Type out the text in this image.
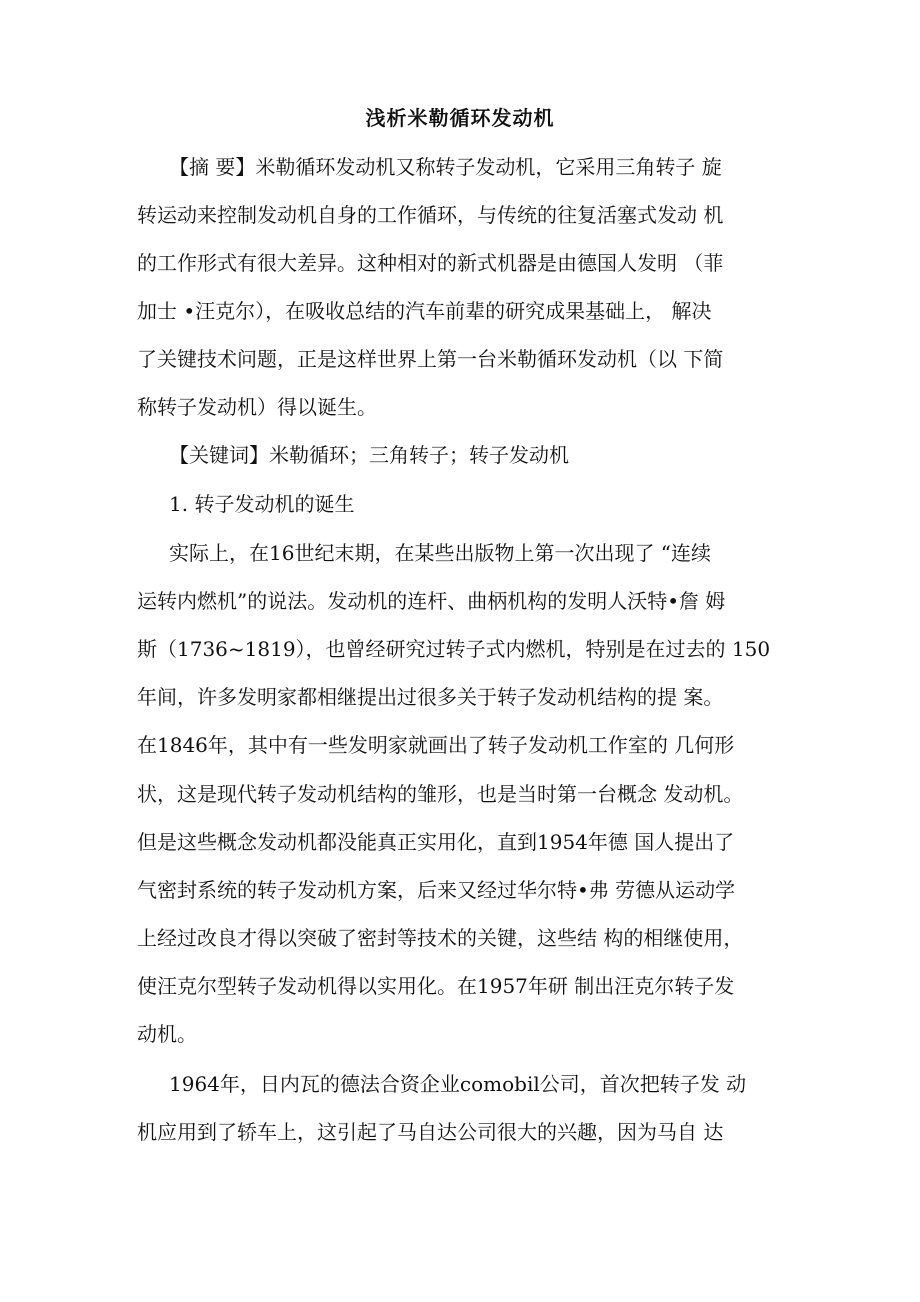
浅析米勒循环发动机
【摘 要】米勒循环发动机又称转子发动机，它采用三角转子 旋
转运动来控制发动机自身的工作循环，与传统的往复活塞式发动 机
的工作形式有很大差异。这种相对的新式机器是由德国人发明 （菲
加士 •汪克尔），在吸收总结的汽车前辈的研究成果基础上， 解决
了关键技术问题，正是这样世界上第一台米勒循环发动机（以 下简
称转子发动机）得以诞生。
【关键词】米勒循环；三角转子；转子发动机
1. 转子发动机的诞生
实际上，在16世纪末期，在某些出版物上第一次出现了 “连续
运转内燃机”的说法。发动机的连杆、曲柄机构的发明人沃特•詹 姆
斯（1736~1819），也曾经研究过转子式内燃机，特别是在过去的 150
年间，许多发明家都相继提出过很多关于转子发动机结构的提 案。
在1846年，其中有一些发明家就画出了转子发动机工作室的 几何形
状，这是现代转子发动机结构的雏形，也是当时第一台概念 发动机。
但是这些概念发动机都没能真正实用化，直到1954年德 国人提出了
气密封系统的转子发动机方案，后来又经过华尔特•弗 劳德从运动学
上经过改良才得以突破了密封等技术的关键，这些结 构的相继使用，
使汪克尔型转子发动机得以实用化。在1957年研 制出汪克尔转子发
动机。
1964年，日内瓦的德法合资企业comobil公司，首次把转子发 动
机应用到了轿车上，这引起了马自达公司很大的兴趣，因为马自 达
